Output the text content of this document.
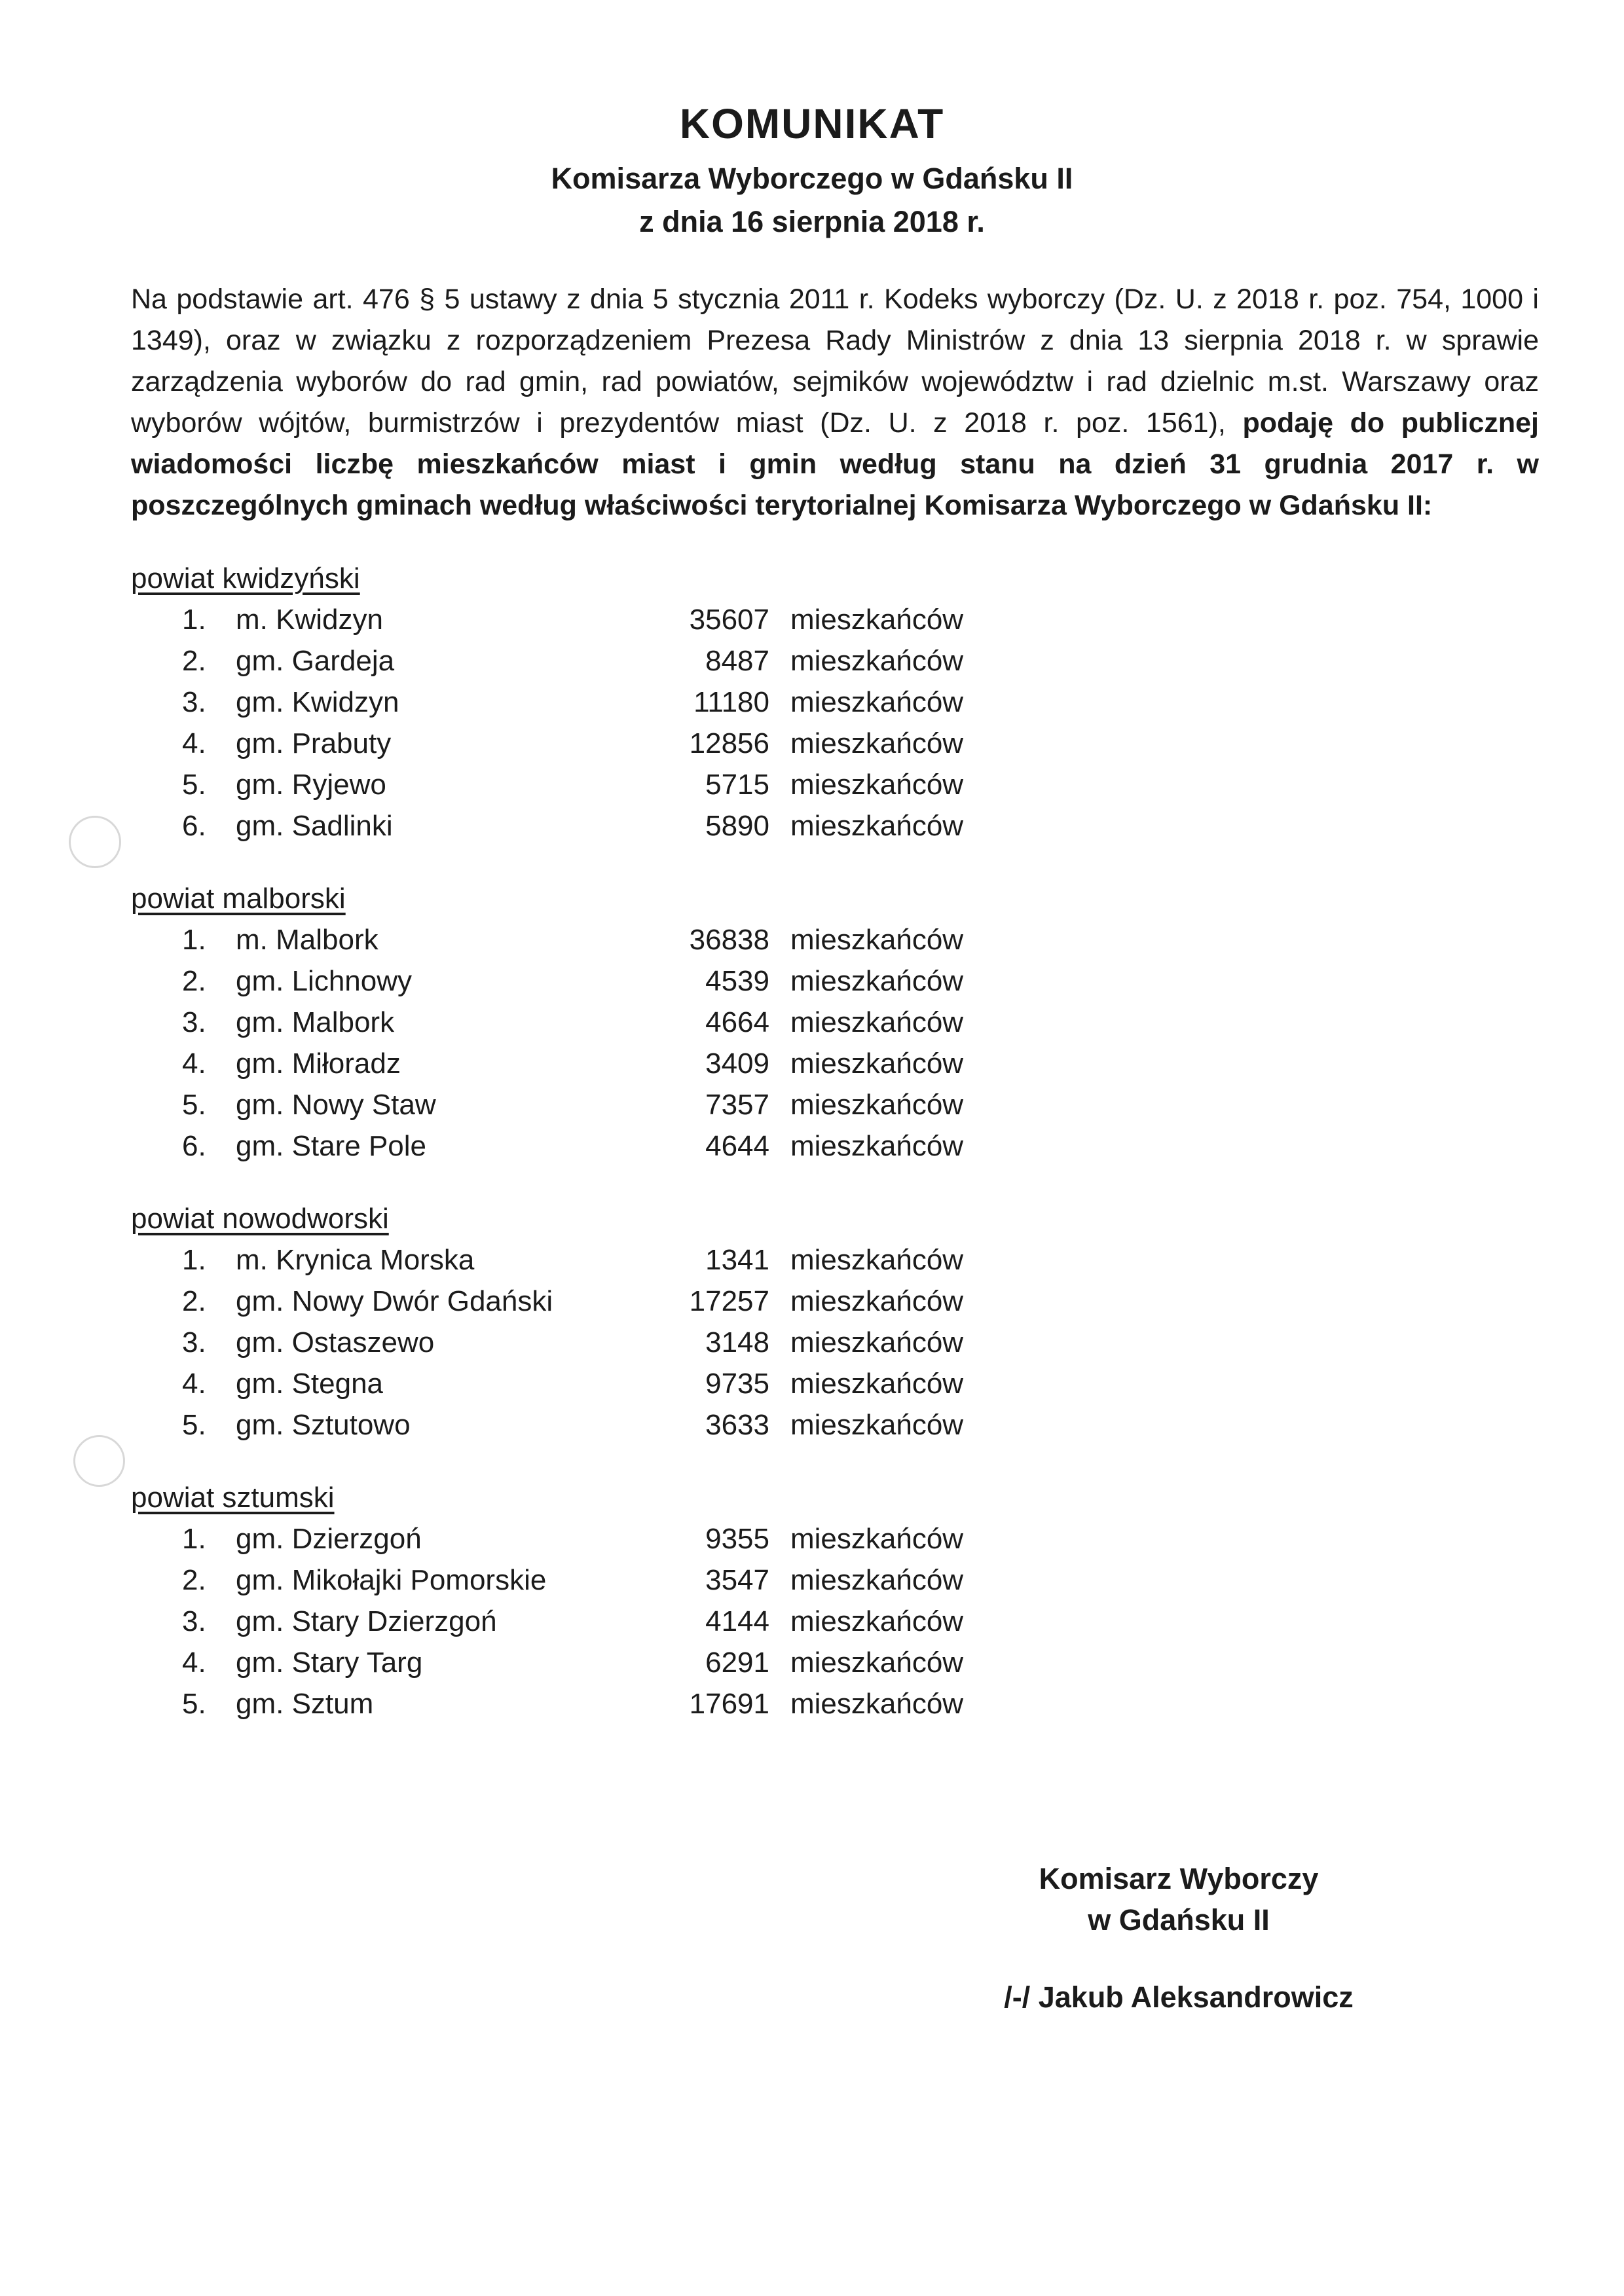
KOMUNIKAT
Komisarza Wyborczego w Gdańsku II
z dnia 16 sierpnia 2018 r.

Na podstawie art. 476 § 5 ustawy z dnia 5 stycznia 2011 r. Kodeks wyborczy (Dz. U. z 2018 r. poz. 754, 1000 i 1349), oraz w związku z rozporządzeniem Prezesa Rady Ministrów z dnia 13 sierpnia 2018 r. w sprawie zarządzenia wyborów do rad gmin, rad powiatów, sejmików województw i rad dzielnic m.st. Warszawy oraz wyborów wójtów, burmistrzów i prezydentów miast (Dz. U. z 2018 r. poz. 1561), podaję do publicznej wiadomości liczbę mieszkańców miast i gmin według stanu na dzień 31 grudnia 2017 r. w poszczególnych gminach według właściwości terytorialnej Komisarza Wyborczego w Gdańsku II:

powiat kwidzyński
1.	m. Kwidzyn	35607 mieszkańców
2.	gm. Gardeja	8487 mieszkańców
3.	gm. Kwidzyn	11180 mieszkańców
4.	gm. Prabuty	12856 mieszkańców
5.	gm. Ryjewo	5715 mieszkańców
6.	gm. Sadlinki	5890 mieszkańców
powiat malborski
1.	m. Malbork	36838 mieszkańców
2.	gm. Lichnowy	4539 mieszkańców
3.	gm. Malbork	4664 mieszkańców
4.	gm. Miłoradz	3409 mieszkańców
5.	gm. Nowy Staw	7357 mieszkańców
6.	gm. Stare Pole	4644 mieszkańców
powiat nowodworski
1.	m. Krynica Morska	1341 mieszkańców
2.	gm. Nowy Dwór Gdański	17257 mieszkańców
3.	gm. Ostaszewo	3148 mieszkańców
4.	gm. Stegna	9735 mieszkańców
5.	gm. Sztutowo	3633 mieszkańców
powiat sztumski
1.	gm. Dzierzgoń	9355 mieszkańców
2.	gm. Mikołajki Pomorskie	3547 mieszkańców
3.	gm. Stary Dzierzgoń	4144 mieszkańców
4.	gm. Stary Targ	6291 mieszkańców
5.	gm. Sztum	17691 mieszkańców
Komisarz Wyborczy
w Gdańsku II
/-/ Jakub Aleksandrowicz
